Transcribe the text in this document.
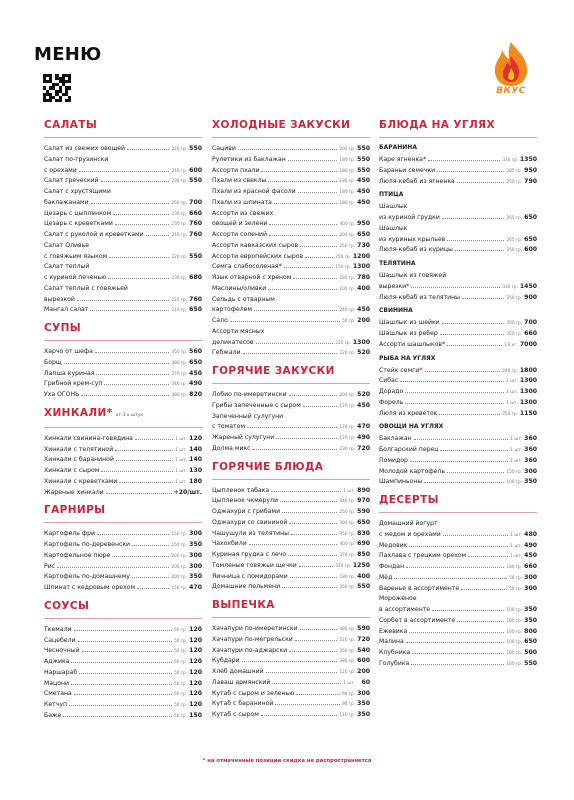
МЕНЮ
ВКУС
САЛАТЫ
Салат из свежих овощей	220 гр. 550
Салат по-грузински
с орехами	240 гр. 600
Салат греческий	230 гр. 550
Салат с хрустящими
баклажанами	250 гр. 700
Цезарь с цыпленком	230 гр. 660
Цезарь с креветками	230 гр. 760
Салат с руколой и креветками	240 гр. 760
Салат Оливье
с говяжьим языком	220 гр. 550
Салат теплый
с куриной печенью	230 гр. 680
Салат теплый с говяжьей
вырезкой	220 гр. 760
Мангал салат	210 гр. 650
СУПЫ
Харчо от шефа	350 гр. 560
Борщ	380 гр. 650
Лапша куриная	370 гр. 450
Грибной крем-суп	340 гр. 490
Уха ОГОНЬ	380 гр. 820
ХИНКАЛИ* от 3-х штук
Хинкали свинина-говядина	1 шт. 120
Хинкали с телятиной	1 шт. 140
Хинкали с бараниной	1 шт. 140
Хинкали с сыром	1 шт. 130
Хинкали с креветками	1 шт. 180
Жареные хинкали	+20/шт.
ГАРНИРЫ
Картофель фри	150 гр. 300
Картофель по-деревенски	150 гр. 350
Картофельное пюре	200 гр. 300
Рис	200 гр. 300
Картофель по-домашнему	200 гр. 350
Шпинат с кедровым орехом	150 гр. 470
СОУСЫ
Ткемали	50 гр. 120
Сацебели	50 гр. 120
Чесночный	50 гр. 120
Аджика	50 гр. 120
Наршараб	50 гр. 120
Мацони	50 гр. 120
Сметана	50 гр. 120
Кетчуп	50 гр. 120
Баже	50 гр. 150
ХОЛОДНЫЕ ЗАКУСКИ
Сациви	200 гр. 550
Рулетики из баклажан	180 гр. 550
Ассорти пхали	180 гр. 550
Пхали из свеклы	180 гр. 450
Пхали из красной фасоли	180 гр. 450
Пхали из шпината	180 гр. 450
Ассорти из свежих
овощей и зелени	400 гр. 950
Ассорти солений	200 гр. 650
Ассорти кавказских сыров	250 гр. 730
Ассорти европейских сыров	250 гр. 1200
Семга слабосоленая *	150 гр. 1300
Язык отварной с хреном	180 гр. 780
Маслины/оливки	100 гр. 400
Сельдь с отварным
картофелем	240 гр. 450
Сало	50 гр. 200
Ассорти мясных
деликатесов	220 гр. 1300
Гебжали	220 гр. 520
ГОРЯЧИЕ ЗАКУСКИ
Лобио по-имеретински	200 гр. 520
Грибы запеченные с сыром	170 гр. 450
Запеченный сулугуни
с томатом	170 гр. 470
Жареный сулугуни	170 гр. 490
Долма микс	230 гр. 720
ГОРЯЧИЕ БЛЮДА
Цыпленок табака	1 шт. 890
Цыпленок чкмерули	440 гр. 970
Оджахури с грибами	250 гр. 590
Оджахури со свининой	300 гр. 650
Чашушули из телятины	350 гр. 830
Чахохбили	400 гр. 690
Куриная грудка с лечо	370 гр. 850
Томленые говяжьи щечки	320 гр. 1250
Яичница с помидорами	180 гр. 400
Домашние пельмени	350 гр. 550
ВЫПЕЧКА
Хачапури по-имеретински	480 гр. 590
Хачапури по-мегрельски	520 гр. 720
Хачапури по-аджарски	350 гр. 540
Кубдари	380 гр. 600
Хлеб домашний	120 гр. 200
Лаваш армянский	1 шт.	60
Кутаб с сыром и зеленью	90 гр. 300
Кутаб с бараниной	90 гр. 350
Кутаб с сыром	110 гр. 350
БЛЮДА НА УГЛЯХ
БАРАНИНА
Каре ягненка *	330 гр. 1350
Бараньи семечки	285 гр. 950
Люля-кебаб из ягненка	250 гр. 790
ПТИЦА
Шашлык
из куриной грудки	265 гр. 650
Шашлык
из куриных крыльев	265 гр. 650
Люля-кебаб из курицы	250 гр. 600
ТЕЛЯТИНА
Шашлык из говяжей
вырезки *	330 гр. 1450
Люля-кебаб из телятины	250 гр. 900
СВИНИНА
Шашлык из шейки	300 гр. 700
Шашлык из ребер	350 гр. 660
Ассорти шашлыков *	1,8 кг. 7000
РЫБА НА УГЛЯХ
Стейк семги *	240 гр. 1800
Сибас	1 шт. 1300
Дорадо	1 шт. 1300
Форель	1 шт. 1300
Люля из креветок	250 гр. 1150
ОВОЩИ НА УГЛЯХ
Баклажан	1 шт. 360
Болгарский перец	1 шт. 360
Помидор	1 шт. 360
Молодой картофель	150 гр. 300
Шампиньоны	100 гр. 350
ДЕСЕРТЫ
Домашний йогурт
с медом и орехами	1 шт. 480
Медовик	1 шт. 490
Пахлава с грецким орехом	1 шт. 450
Фондан	180 гр. 660
Мёд	50 гр. 300
Варенье в ассортименте	50 гр. 300
Мороженое
в ассортименте	100 гр. 350
Сорбет в ассортименте	100 гр. 350
Ежевика	100 гр. 800
Малина	100 гр. 650
Клубника	100 гр. 500
Голубика	100 гр. 550
* на отмеченные позиции скидка не распространяется
